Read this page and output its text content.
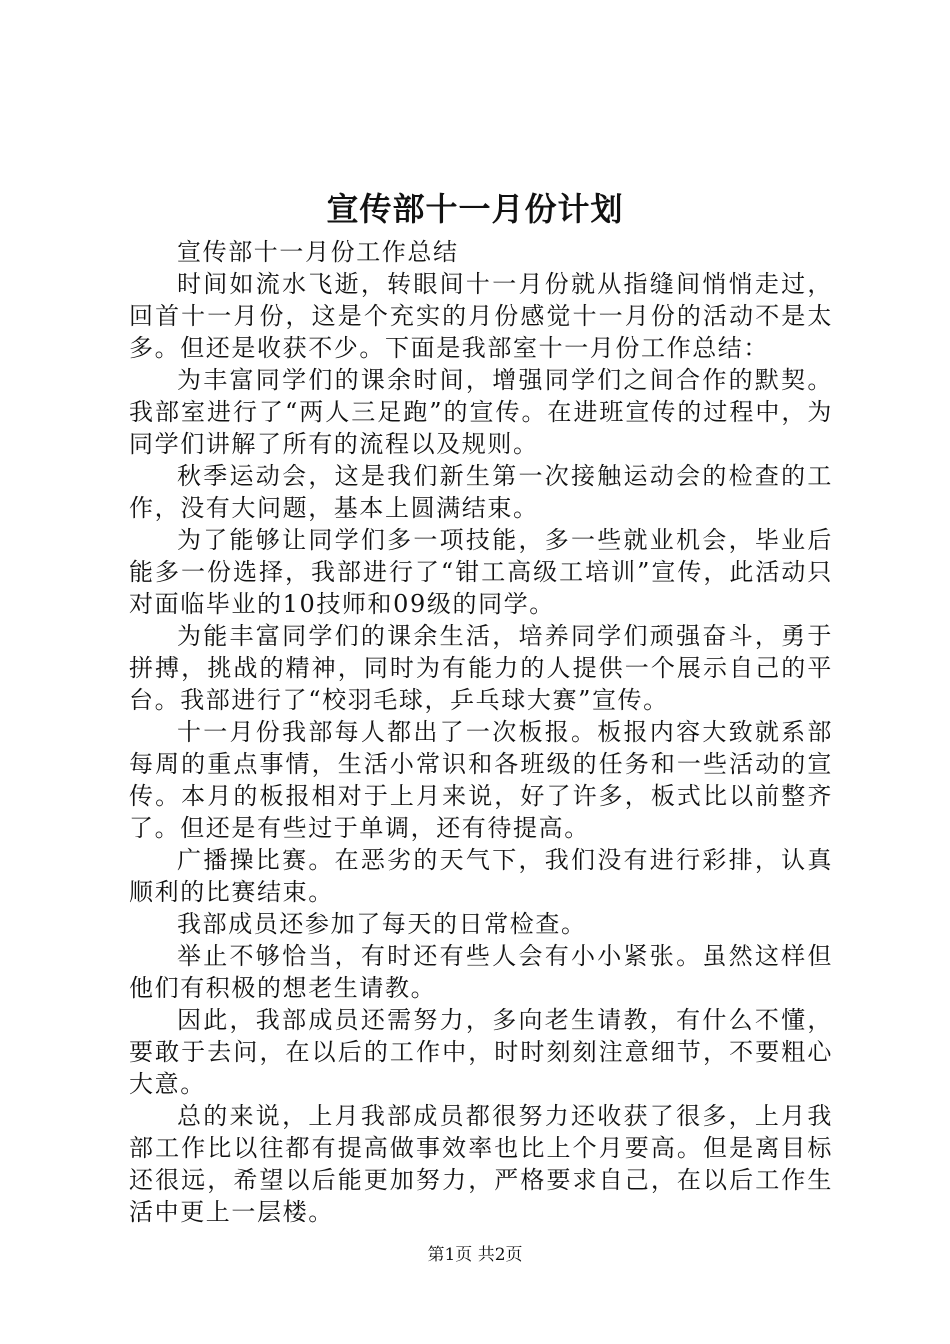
宣传部十一月份计划

宣传部十一月份工作总结

时间如流水飞逝，转眼间十一月份就从指缝间悄悄走过，回首十一月份，这是个充实的月份感觉十一月份的活动不是太多。但还是收获不少。下面是我部室十一月份工作总结：

为丰富同学们的课余时间，增强同学们之间合作的默契。我部室进行了“两人三足跑”的宣传。在进班宣传的过程中，为同学们讲解了所有的流程以及规则。

秋季运动会，这是我们新生第一次接触运动会的检查的工作，没有大问题，基本上圆满结束。

为了能够让同学们多一项技能，多一些就业机会，毕业后能多一份选择，我部进行了“钳工高级工培训”宣传，此活动只对面临毕业的10技师和09级的同学。

为能丰富同学们的课余生活，培养同学们顽强奋斗，勇于拼搏，挑战的精神，同时为有能力的人提供一个展示自己的平台。我部进行了“校羽毛球，乒乓球大赛”宣传。

十一月份我部每人都出了一次板报。板报内容大致就系部每周的重点事情，生活小常识和各班级的任务和一些活动的宣传。本月的板报相对于上月来说，好了许多，板式比以前整齐了。但还是有些过于单调，还有待提高。

广播操比赛。在恶劣的天气下，我们没有进行彩排，认真顺利的比赛结束。

我部成员还参加了每天的日常检查。

举止不够恰当，有时还有些人会有小小紧张。虽然这样但他们有积极的想老生请教。

因此，我部成员还需努力，多向老生请教，有什么不懂，要敢于去问，在以后的工作中，时时刻刻注意细节，不要粗心大意。

总的来说，上月我部成员都很努力还收获了很多，上月我部工作比以往都有提高做事效率也比上个月要高。但是离目标还很远，希望以后能更加努力，严格要求自己，在以后工作生活中更上一层楼。

第1页 共2页
